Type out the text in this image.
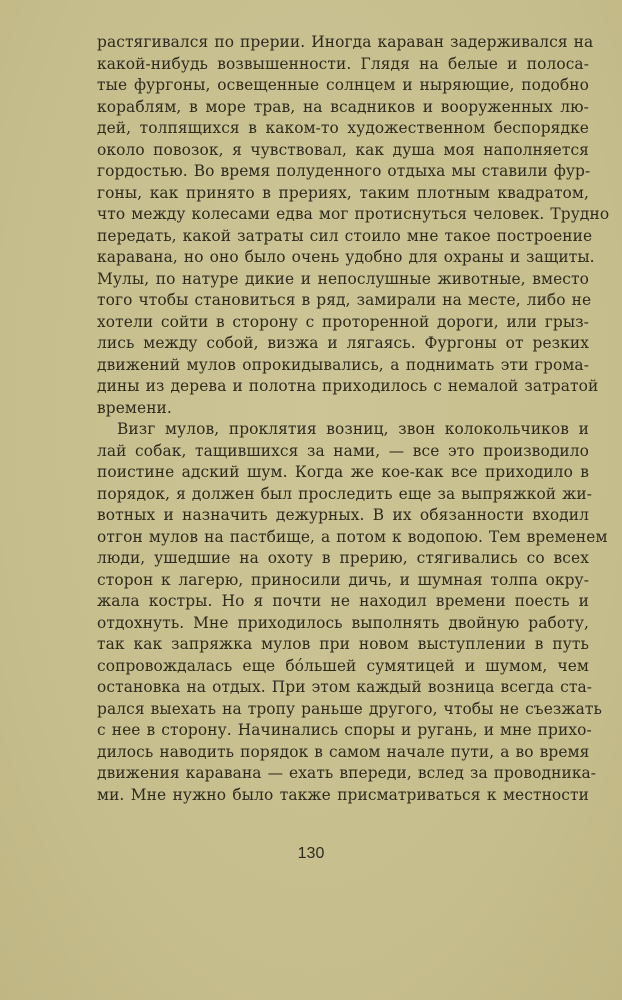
растягивался по прерии. Иногда караван задерживался на
какой-нибудь возвышенности. Глядя на белые и полоса-
тые фургоны, освещенные солнцем и ныряющие, подобно
кораблям, в море трав, на всадников и вооруженных лю-
дей, толпящихся в каком-то художественном беспорядке
около повозок, я чувствовал, как душа моя наполняется
гордостью. Во время полуденного отдыха мы ставили фур-
гоны, как принято в прериях, таким плотным квадратом,
что между колесами едва мог протиснуться человек. Трудно
передать, какой затраты сил стоило мне такое построение
каравана, но оно было очень удобно для охраны и защиты.
Мулы, по натуре дикие и непослушные животные, вместо
того чтобы становиться в ряд, замирали на месте, либо не
хотели сойти в сторону с проторенной дороги, или грыз-
лись между собой, визжа и лягаясь. Фургоны от резких
движений мулов опрокидывались, а поднимать эти грома-
дины из дерева и полотна приходилось с немалой затратой
времени.
Визг мулов, проклятия возниц, звон колокольчиков и
лай собак, тащившихся за нами, — все это производило
поистине адский шум. Когда же кое-как все приходило в
порядок, я должен был проследить еще за выпряжкой жи-
вотных и назначить дежурных. В их обязанности входил
отгон мулов на пастбище, а потом к водопою. Тем временем
люди, ушедшие на охоту в прерию, стягивались со всех
сторон к лагерю, приносили дичь, и шумная толпа окру-
жала костры. Но я почти не находил времени поесть и
отдохнуть. Мне приходилось выполнять двойную работу,
так как запряжка мулов при новом выступлении в путь
сопровождалась еще бо́льшей сумятицей и шумом, чем
остановка на отдых. При этом каждый возница всегда ста-
рался выехать на тропу раньше другого, чтобы не съезжать
с нее в сторону. Начинались споры и ругань, и мне прихо-
дилось наводить порядок в самом начале пути, а во время
движения каравана — ехать впереди, вслед за проводника-
ми. Мне нужно было также присматриваться к местности
130
